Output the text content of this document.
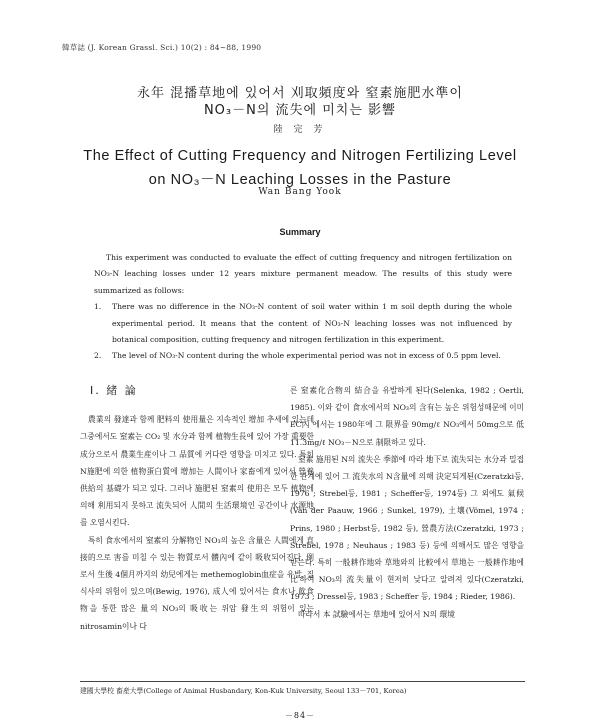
韓草誌 (J. Korean Grassl. Sci.) 10(2) : 84~88, 1990
永年 混播草地에 있어서 刈取頻度와 窒素施肥水準이
NO₃－N의 流失에 미치는 影響
陸 完 芳
The Effect of Cutting Frequency and Nitrogen Fertilizing Level
on NO₃－N Leaching Losses in the Pasture
Wan Bang Yook
Summary

This experiment was conducted to evaluate the effect of cutting frequency and nitrogen fertilization on NO₃-N leaching losses under 12 years mixture permanent meadow. The results of this study were summarized as follows:

1. There was no difference in the NO₃-N content of soil water within 1 m soil depth during the whole experimental period. It means that the content of NO₃-N leaching losses was not influenced by botanical composition, cutting frequency and nitrogen fertilization in this experiment.

2. The level of NO₃-N content during the whole experimental period was not in excess of 0.5 ppm level.

I. 緒 論

農業의 發達과 함께 肥料의 使用量은 지속적인 增加 추세에 있는데 그중에서도 窒素는 CO₂ 및 水分과 함께 植物生長에 있어 가장 重要한 成分으로서 農業生産이나 그 品質에 커다란 영향을 미치고 있다. 특히 N施肥에 의한 植物蛋白質에 增加는 人間이나 家畜에게 있어서 營養供給의 基礎가 되고 있다. 그러나 施肥된 窒素의 使用은 모두 植物에 의해 利用되지 못하고 流失되어 人間의 生活環境인 공간이나 水源地를 오염시킨다.

특히 食水에서의 窒素의 分解物인 NO₃의 높은 含量은 人間에게 直接的으로 害를 미칠 수 있는 物質로서 體內에 같이 吸收되어진다. 例로서 生後 4個月까지의 幼兒에게는 methemoglobin血症을 유발, 질식사의 위험이 있으며(Bewig, 1976), 成人에 있어서는 食水나 飮食物을 통한 많은 量의 NO₃의 吸收는 위암 發生의 위험이 있는 nitrosamin이나 다

른 窒素化合物의 結合을 유발하게 된다(Selenka, 1982 ; Oertli, 1985). 이와 같이 食水에서의 NO₃의 含有는 높은 위험성때문에 이미 EC內 에서는 1980年에 그 限界를 90mg/ℓ NO₃에서 50mg으로 低 11.3mg/ℓ NO₃－N으로 制限하고 있다.

窒素 施用된 N의 流失은 季節에 따라 地下로 流失되는 水分과 밀접한 관계에 있어 그 流失水의 N含量에 의해 決定되게된(Czeratzki등, 1976 ; Strebel등, 1981 ; Scheffer등, 1974등) 그 외에도 氣候(Van der Paauw, 1966 ; Sunkel, 1979), 土壤(Vömel, 1974 ; Prins, 1980 ; Herbst등, 1982 등), 營農方法(Czeratzki, 1973 ; Strebel, 1978 ; Neuhaus ; 1983 등) 등에 의해서도 많은 영향을 받는다. 특히 一般耕作地와 草地와의 比較에서 草地는 一般耕作地에 比하여 NO₃의 流失量이 현저히 낮다고 알려져 있다(Czeratzki, 1973 ; Dressel등, 1983 ; Scheffer 등, 1984 ; Rieder, 1986).

따라서 本 試驗에서는 草地에 있어서 N의 環境

建國大學校 畜産大學(College of Animal Husbandary, Kon-Kuk University, Seoul 133－701, Korea)
－84－
